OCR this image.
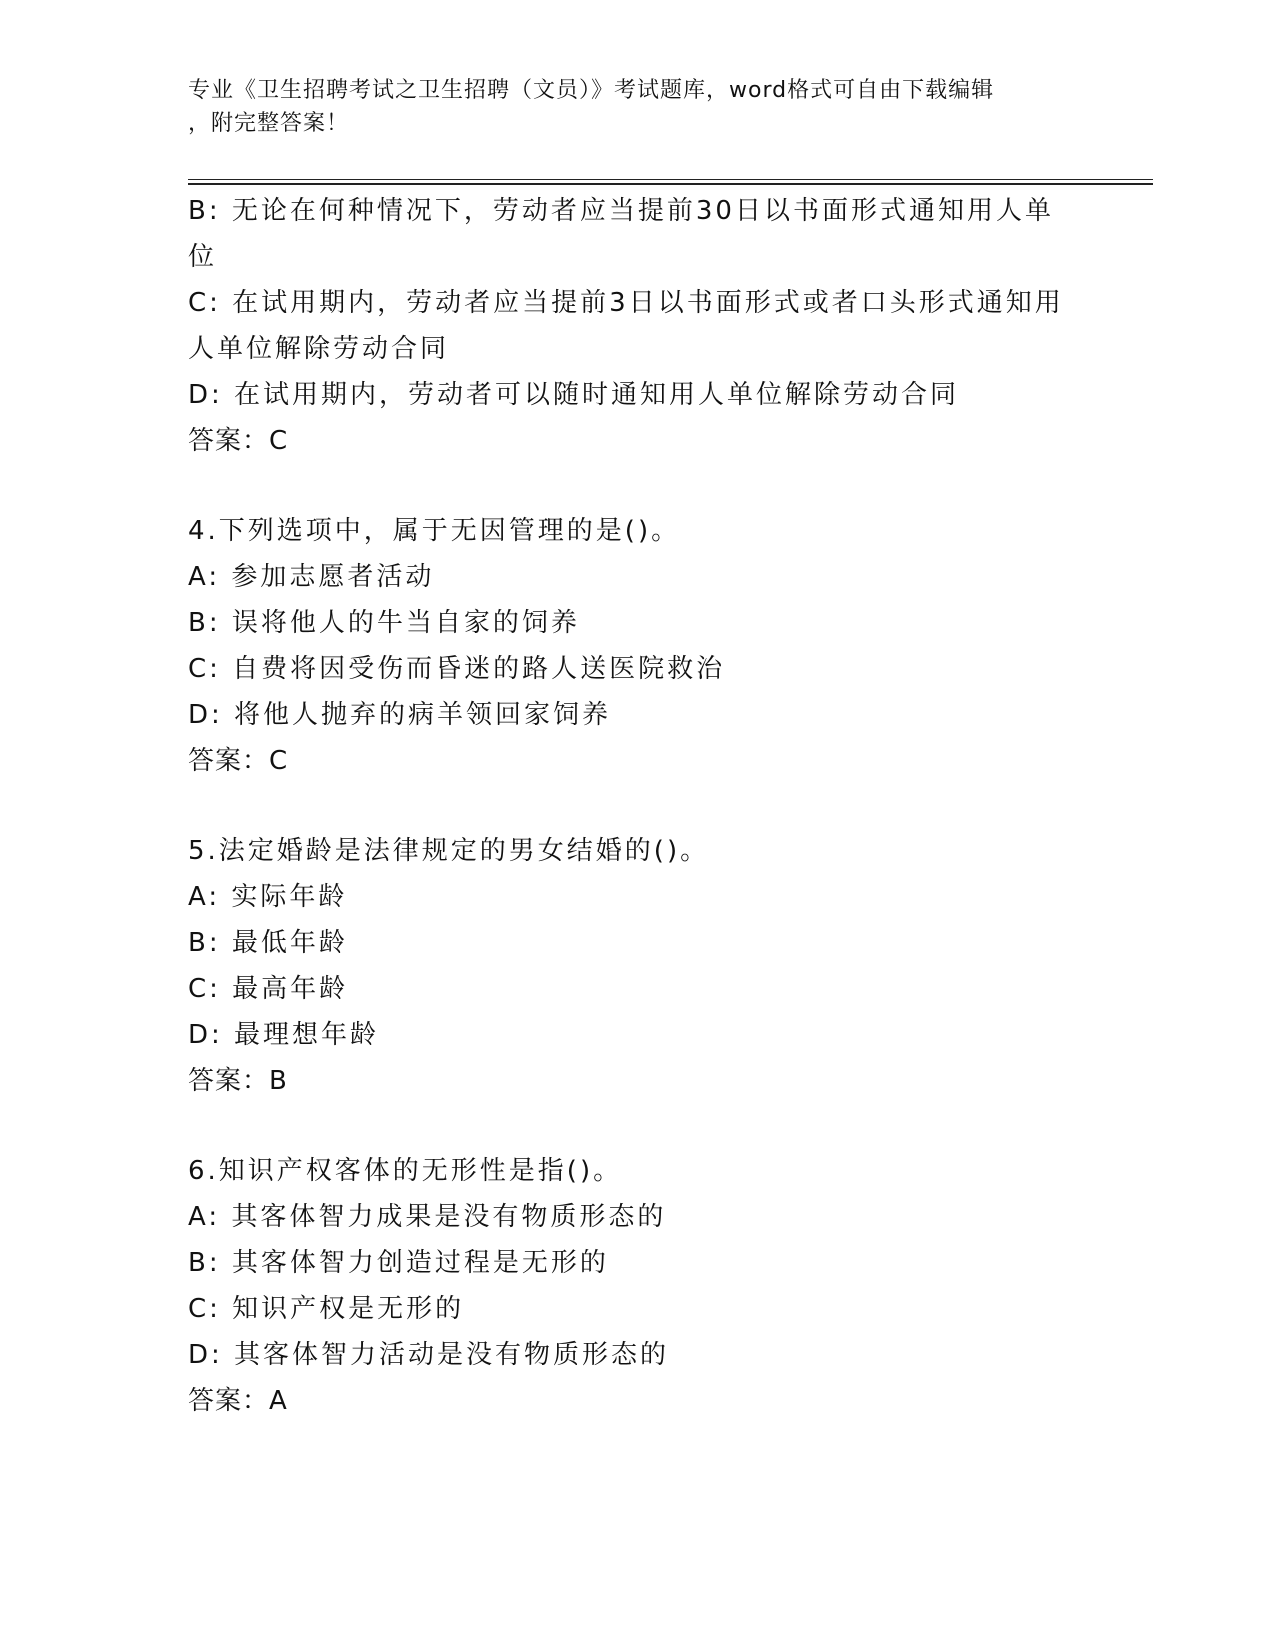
专业《卫生招聘考试之卫生招聘（文员）》考试题库，word格式可自由下载编辑
，附完整答案！
B: 无论在何种情况下，劳动者应当提前30日以书面形式通知用人单
位
C: 在试用期内，劳动者应当提前3日以书面形式或者口头形式通知用
人单位解除劳动合同
D: 在试用期内，劳动者可以随时通知用人单位解除劳动合同
答案：C
4.下列选项中，属于无因管理的是()。
A: 参加志愿者活动
B: 误将他人的牛当自家的饲养
C: 自费将因受伤而昏迷的路人送医院救治
D: 将他人抛弃的病羊领回家饲养
答案：C
5.法定婚龄是法律规定的男女结婚的()。
A: 实际年龄
B: 最低年龄
C: 最高年龄
D: 最理想年龄
答案：B
6.知识产权客体的无形性是指()。
A: 其客体智力成果是没有物质形态的
B: 其客体智力创造过程是无形的
C: 知识产权是无形的
D: 其客体智力活动是没有物质形态的
答案：A
